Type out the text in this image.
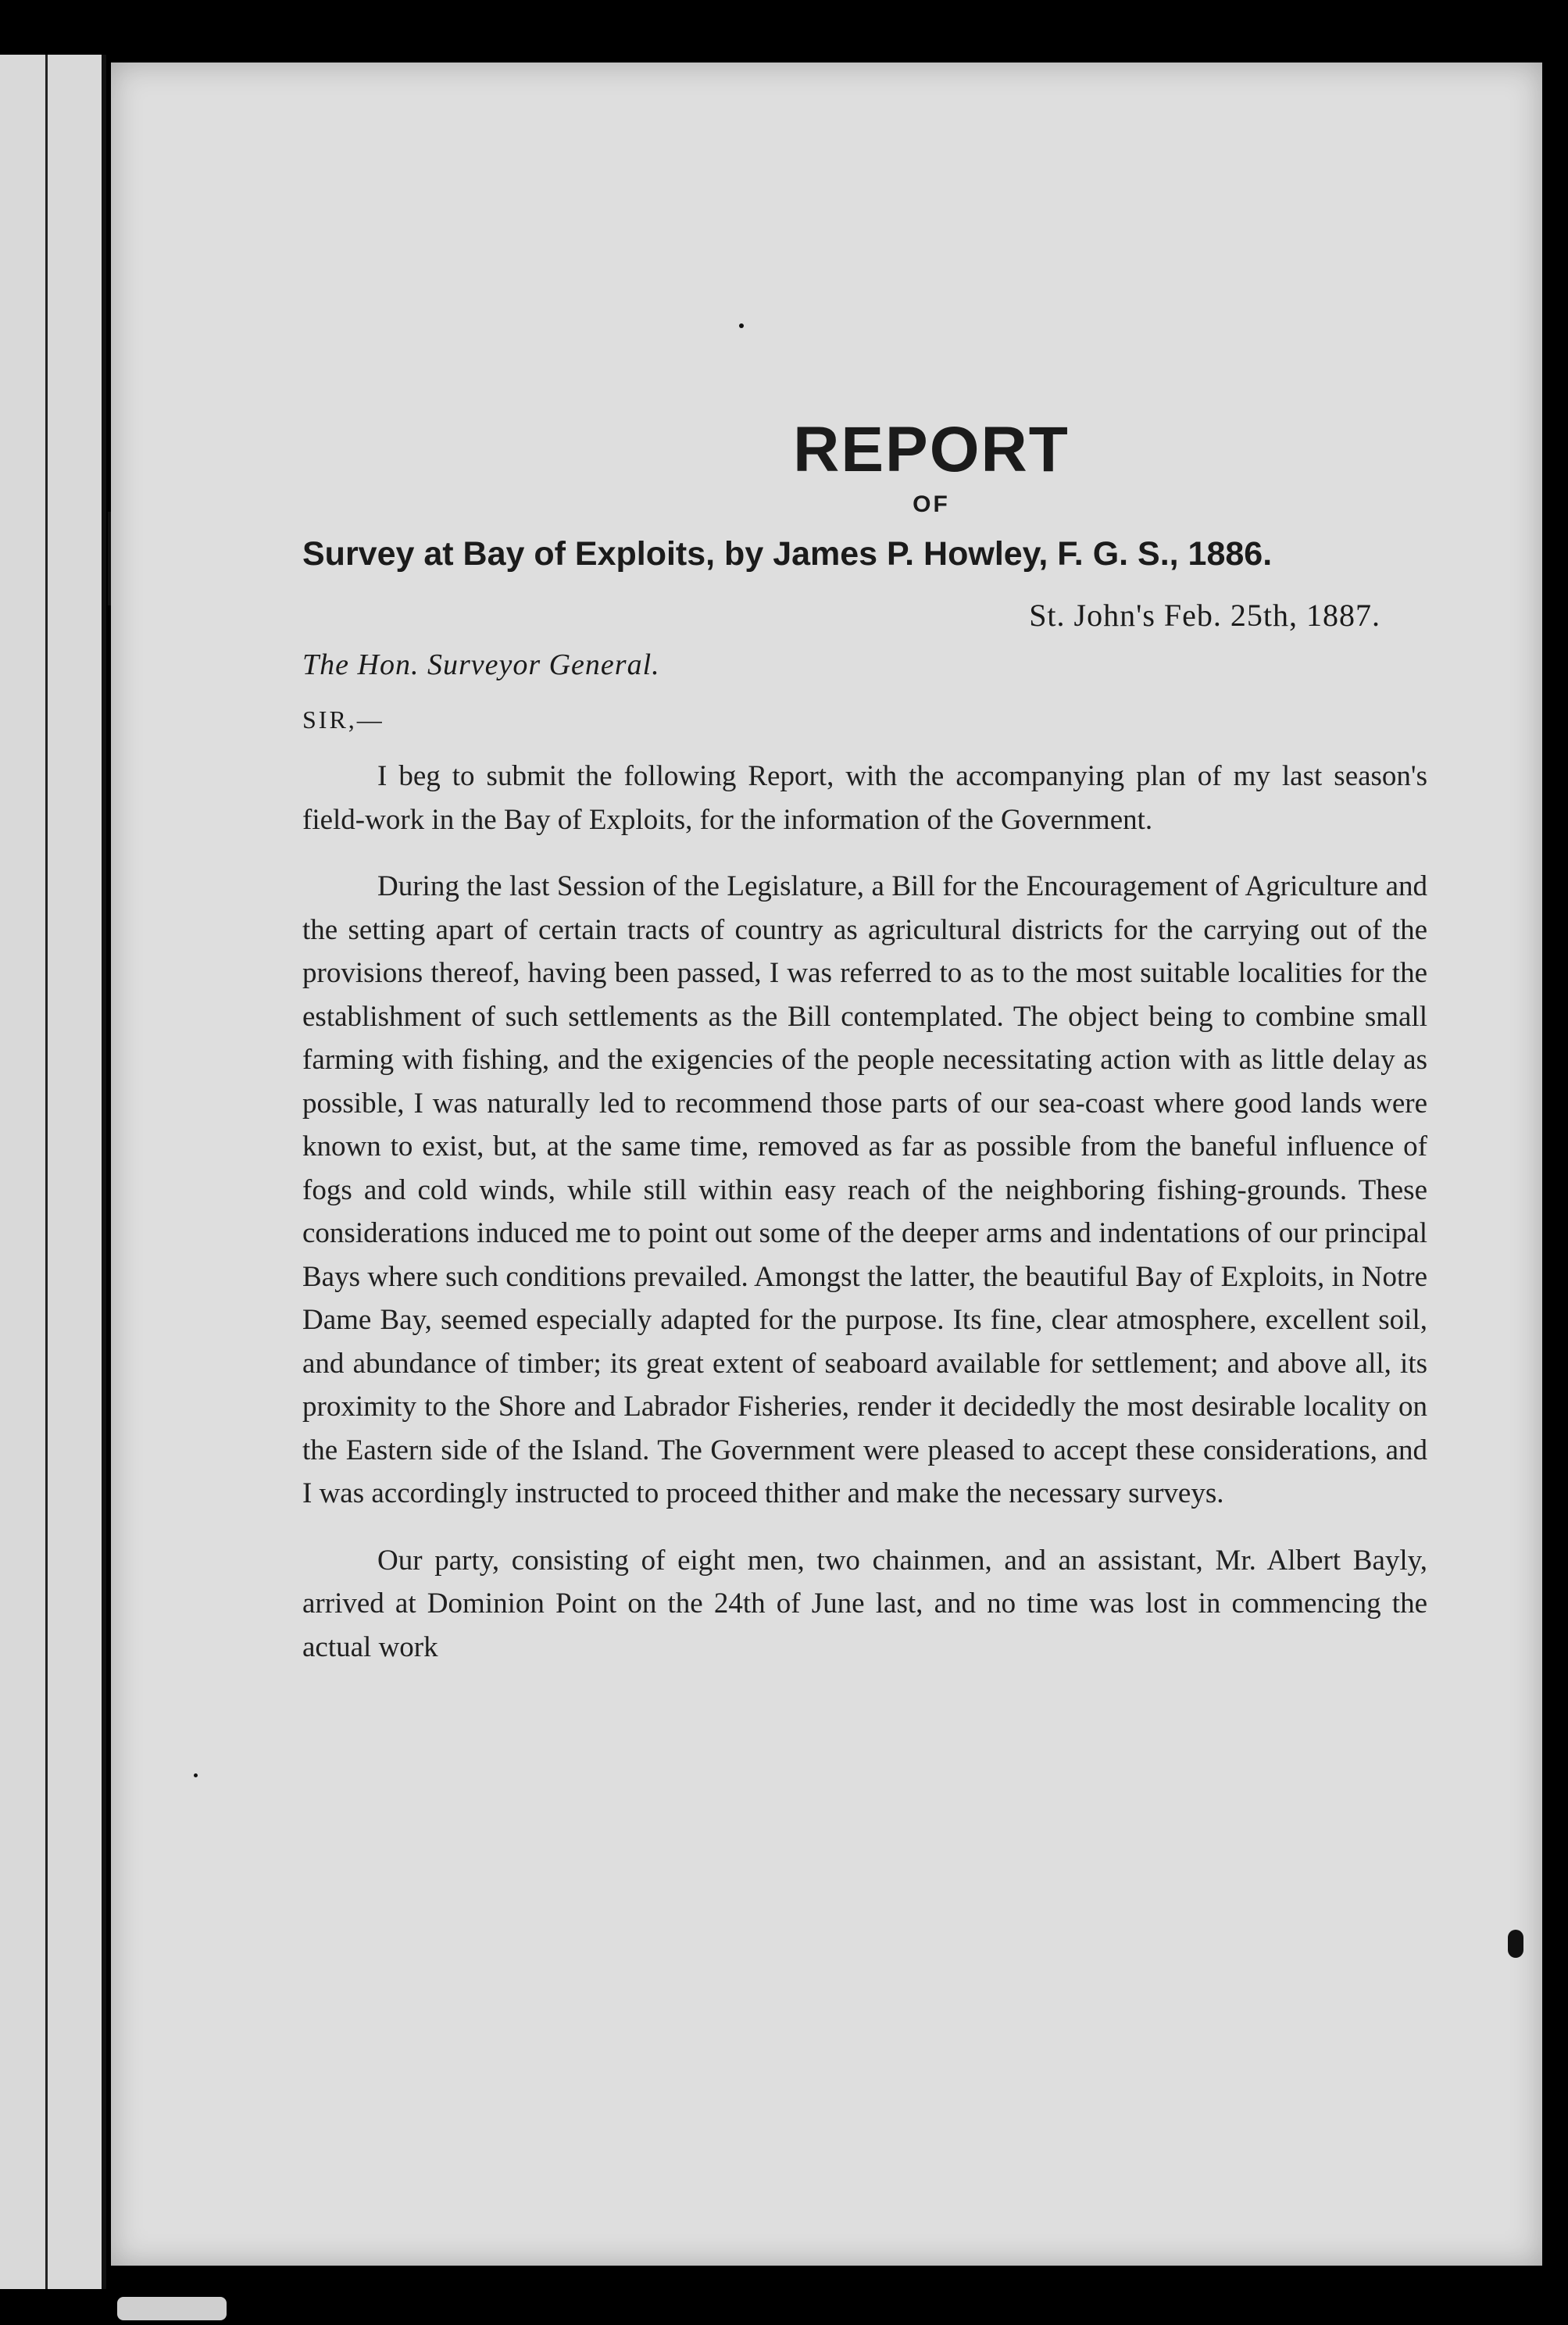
REPORT
OF
Survey at Bay of Exploits, by James P. Howley, F. G. S., 1886.
St. John's Feb. 25th, 1887.
The Hon. Surveyor General.
SIR,—

I beg to submit the following Report, with the accompanying plan of my last season's field-work in the Bay of Exploits, for the information of the Government.

During the last Session of the Legislature, a Bill for the Encouragement of Agriculture and the setting apart of certain tracts of country as agricultural districts for the carrying out of the provisions thereof, having been passed, I was referred to as to the most suitable localities for the establishment of such settlements as the Bill contemplated. The object being to combine small farming with fishing, and the exigencies of the people necessitating action with as little delay as possible, I was naturally led to recommend those parts of our sea-coast where good lands were known to exist, but, at the same time, removed as far as possible from the baneful influence of fogs and cold winds, while still within easy reach of the neighboring fishing-grounds. These considerations induced me to point out some of the deeper arms and indentations of our principal Bays where such conditions prevailed. Amongst the latter, the beautiful Bay of Exploits, in Notre Dame Bay, seemed especially adapted for the purpose. Its fine, clear atmosphere, excellent soil, and abundance of timber; its great extent of seaboard available for settlement; and above all, its proximity to the Shore and Labrador Fisheries, render it decidedly the most desirable locality on the Eastern side of the Island. The Government were pleased to accept these considerations, and I was accordingly instructed to proceed thither and make the necessary surveys.

Our party, consisting of eight men, two chainmen, and an assistant, Mr. Albert Bayly, arrived at Dominion Point on the 24th of June last, and no time was lost in commencing the actual work
